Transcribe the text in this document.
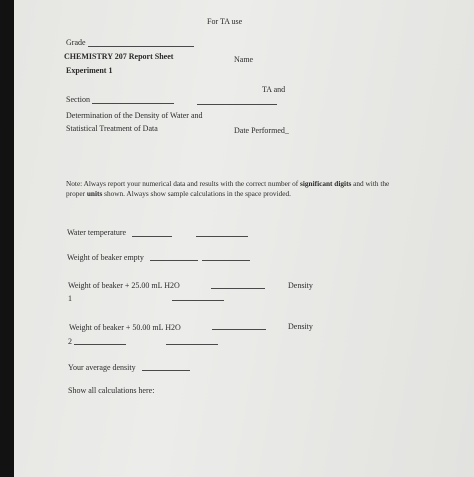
For TA use
Grade
CHEMISTRY 207 Report Sheet	Name
Experiment 1
TA and
Section
Determination of the Density of Water and
Statistical Treatment of Data	Date Performed_
Note: Always report your numerical data and results with the correct number of significant digits and with the proper units shown. Always show sample calculations in the space provided.
Water temperature
Weight of beaker empty
Weight of beaker + 25.00 mL H2O	Density
1
Weight of beaker + 50.00 mL H2O	Density
2
Your average density
Show all calculations here:
